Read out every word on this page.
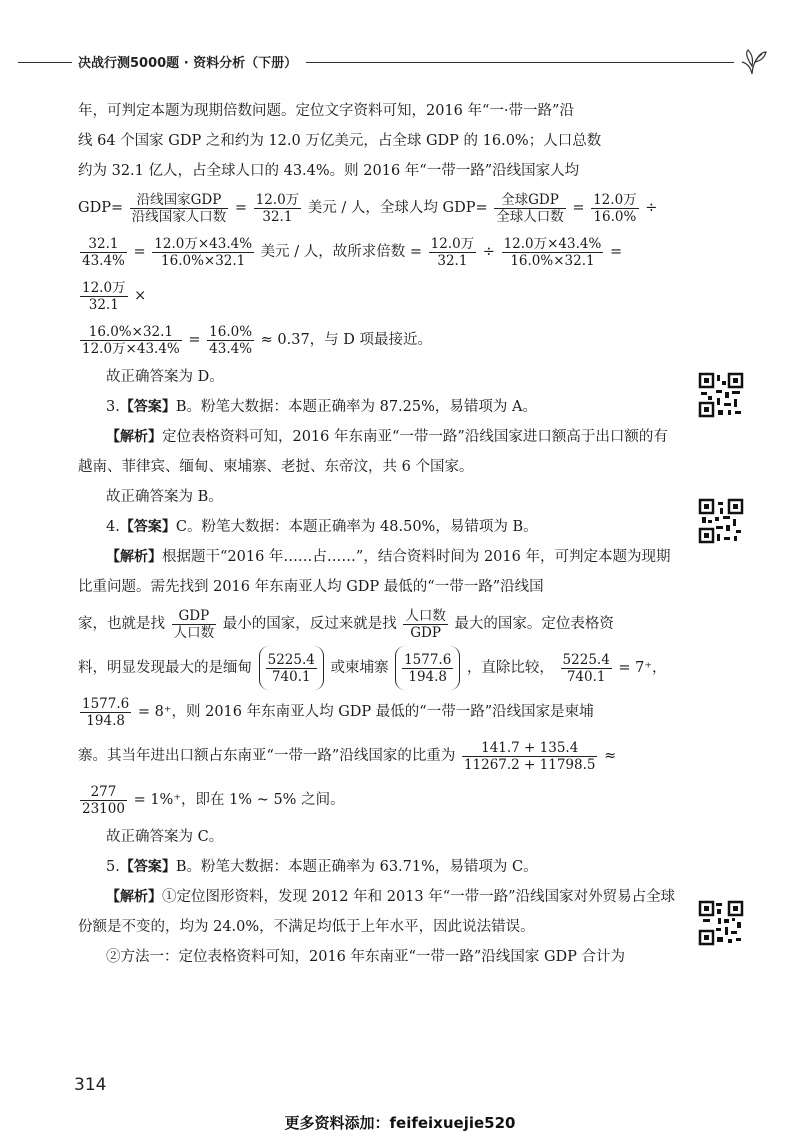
决战行测5000题 · 资料分析（下册）

年，可判定本题为现期倍数问题。定位文字资料可知，2016 年“一·带一路”沿

线 64 个国家 GDP 之和约为 12.0 万亿美元，占全球 GDP 的 16.0%；人口总数

约为 32.1 亿人，占全球人口的 43.4%。则 2016 年“一带一路”沿线国家人均

$GDP= \frac{\text{沿线国家GDP}}{\text{沿线国家人口数}} = \frac{\text{12.0万}}{32.1}$ 美元 / 人，全球人均 $GDP= \frac{\text{全球GDP}}{\text{全球人口数}} = \frac{\text{12.0万}}{16.0\%}$ ÷

$\frac{32.1}{43.4\%} = \frac{\text{12.0万×43.4\%}}{16.0\%\times 32.1}$ 美元 / 人，故所求倍数 = $\frac{\text{12.0万}}{32.1} \div \frac{\text{12.0万×43.4\%}}{16.0\%\times 32.1}$ =
$\frac{\text{12.0万}}{32.1}$ ×

$\frac{16.0\%\times 32.1}{\text{12.0万×43.4\%}} = \frac{16.0\%}{43.4\%} \approx 0.37$，与 D 项最接近。

故正确答案为 D。

3.【答案】B。粉笔大数据：本题正确率为 87.25%，易错项为 A。

【解析】定位表格资料可知，2016 年东南亚“一带一路”沿线国家进口额高于出口额的有越南、菲律宾、缅甸、柬埔寨、老挝、东帝汶，共 6 个国家。

故正确答案为 B。

4.【答案】C。粉笔大数据：本题正确率为 48.50%，易错项为 B。

【解析】根据题干“2016 年……占……”，结合资料时间为 2016 年，可判定本题为现期比重问题。需先找到 2016 年东南亚人均 GDP 最低的“一带一路”沿线国

家，也就是找 $\frac{\text{GDP}}{\text{人口数}}$ 最小的国家，反过来就是找 $\frac{\text{人口数}}{\text{GDP}}$ 最大的国家。定位表格资

料，明显发现最大的是缅甸 $\frac{5225.4}{740.1}$ 或柬埔寨 $\frac{1577.6}{194.8}$ ，直除比较， $\frac{5225.4}{740.1} = 7^+$，

$\frac{1577.6}{194.8} = 8^+$，则 2016 年东南亚人均 GDP 最低的“一带一路”沿线国家是柬埔

寨。其当年进出口额占东南亚“一带一路”沿线国家的比重为 $\frac{141.7 + 135.4}{11267.2 + 11798.5}$ ≈

$\frac{277}{23100} = 1\%^+$，即在 1% ~ 5% 之间。

故正确答案为 C。

5.【答案】B。粉笔大数据：本题正确率为 63.71%，易错项为 C。

【解析】①定位图形资料，发现 2012 年和 2013 年“一带一路”沿线国家对外贸易占全球份额是不变的，均为 24.0%，不满足均低于上年水平，因此说法错误。

②方法一：定位表格资料可知，2016 年东南亚“一带一路”沿线国家 GDP 合计为

314
更多资料添加：feifeixuejie520
